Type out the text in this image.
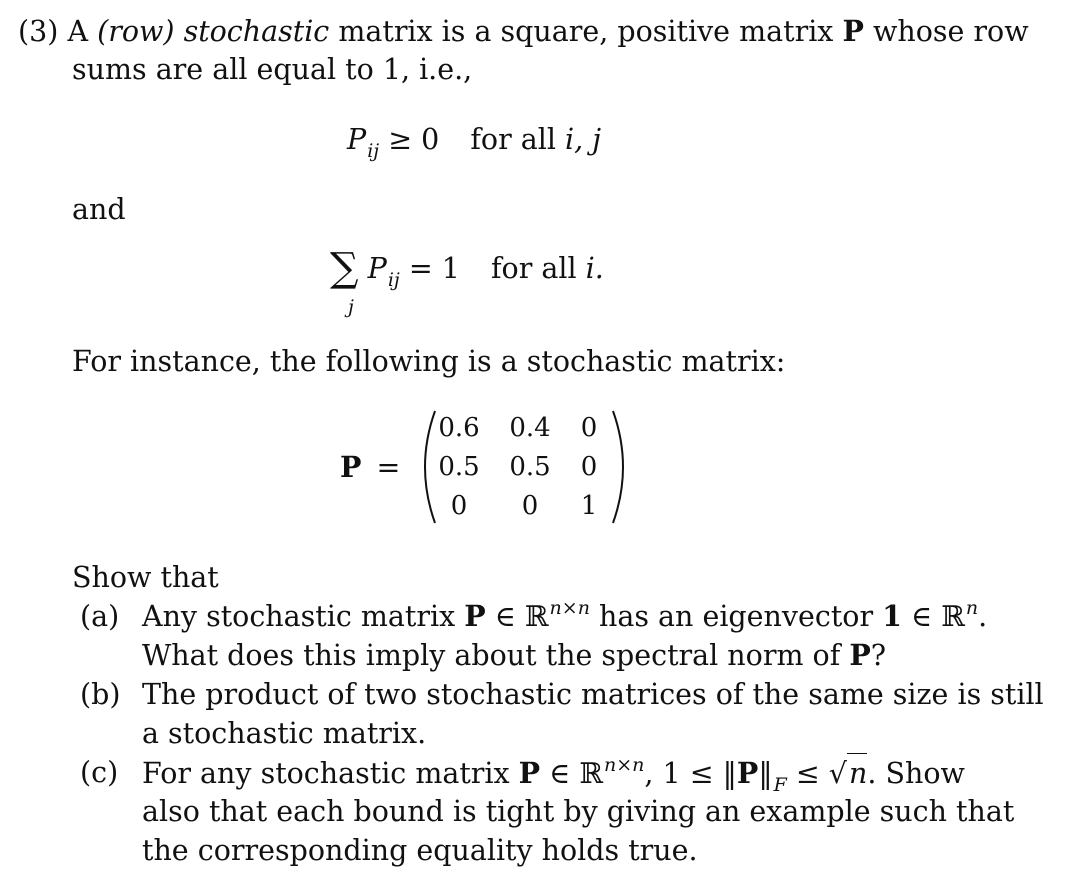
(3) A (row) stochastic matrix is a square, positive matrix P whose row
sums are all equal to 1, i.e.,
$P_{ij} \ge 0$ for all i, j
and
∑ $P_{ij} = 1$ for all i.
j
For instance, the following is a stochastic matrix:
P =
0.6	0.4	0
0.5	0.5	0
0	0	1
Show that
(a) Any stochastic matrix P ∈ ℝ$^{n\times n}$ has an eigenvector 1 ∈ ℝ$^n$.
What does this imply about the spectral norm of P?
(b) The product of two stochastic matrices of the same size is still
a stochastic matrix.
(c) For any stochastic matrix P ∈ ℝ$^{n\times n}$, $1 \le ‖P‖_F \le √n$. Show
also that each bound is tight by giving an example such that
the corresponding equality holds true.
